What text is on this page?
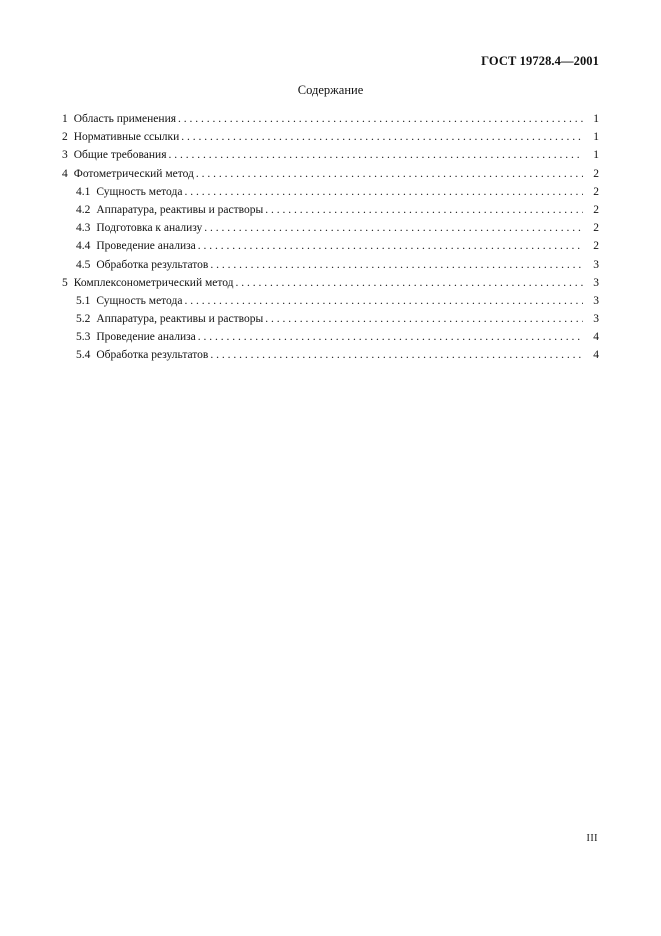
ГОСТ 19728.4—2001
Содержание
1 Область применения . . .	1
2 Нормативные ссылки . . .	1
3 Общие требования . . .	1
4 Фотометрический метод . . .	2
4.1 Сущность метода . . .	2
4.2 Аппаратура, реактивы и растворы . . .	2
4.3 Подготовка к анализу . . .	2
4.4 Проведение анализа . . .	2
4.5 Обработка результатов . . .	3
5 Комплексонометрический метод . . .	3
5.1 Сущность метода . . .	3
5.2 Аппаратура, реактивы и растворы . . .	3
5.3 Проведение анализа . . .	4
5.4 Обработка результатов . . .	4
III
